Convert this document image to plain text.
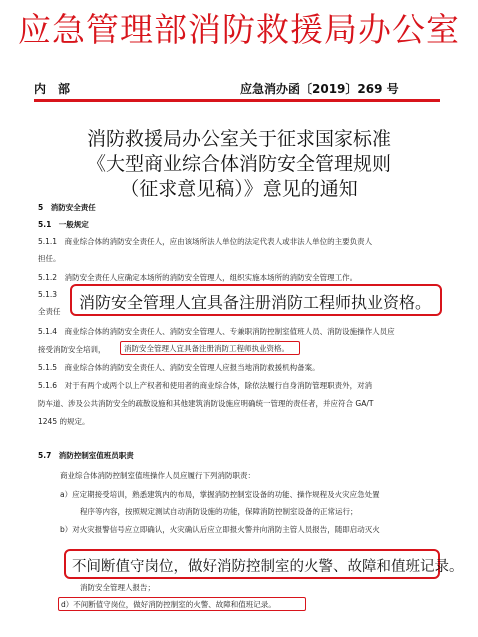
应急管理部消防救援局办公室
内　部	应急消办函〔2019〕269 号
消防救援局办公室关于征求国家标准
《大型商业综合体消防安全管理规则
（征求意见稿）》意见的通知
5　消防安全责任
5.1　一般规定
5.1.1　商业综合体的消防安全责任人，应由该场所法人单位的法定代表人或非法人单位的主要负责人
担任。
5.1.2　消防安全责任人应确定本场所的消防安全管理人，组织实施本场所的消防安全管理工作。
5.1.3
全责任 消防安全管理人宜具备注册消防工程师执业资格。
5.1.4　商业综合体的消防安全责任人、消防安全管理人、专兼职消防控制室值班人员、消防设施操作人员应
接受消防安全培训， 消防安全管理人宜具备注册消防工程师执业资格。
5.1.5　商业综合体的消防安全责任人、消防安全管理人应报当地消防救援机构备案。
5.1.6　对于有两个或两个以上产权者和使用者的商业综合体，除依法履行自身消防管理职责外，对消
防车道、涉及公共消防安全的疏散设施和其他建筑消防设施应明确统一管理的责任者，并应符合 GA/T
1245 的规定。
5.7　消防控制室值班员职责
商业综合体消防控制室值班操作人员应履行下列消防职责：
a）应定期接受培训，熟悉建筑内的布局，掌握消防控制室设备的功能、操作规程及火灾应急处置
程序等内容，按照规定测试自动消防设施的功能，保障消防控制室设备的正常运行；
b）对火灾报警信号应立即确认，火灾确认后应立即报火警并向消防主管人员报告，随即启动灭火
不间断值守岗位，做好消防控制室的火警、故障和值班记录。
消防安全管理人报告；
d）不间断值守岗位，做好消防控制室的火警、故障和值班记录。
